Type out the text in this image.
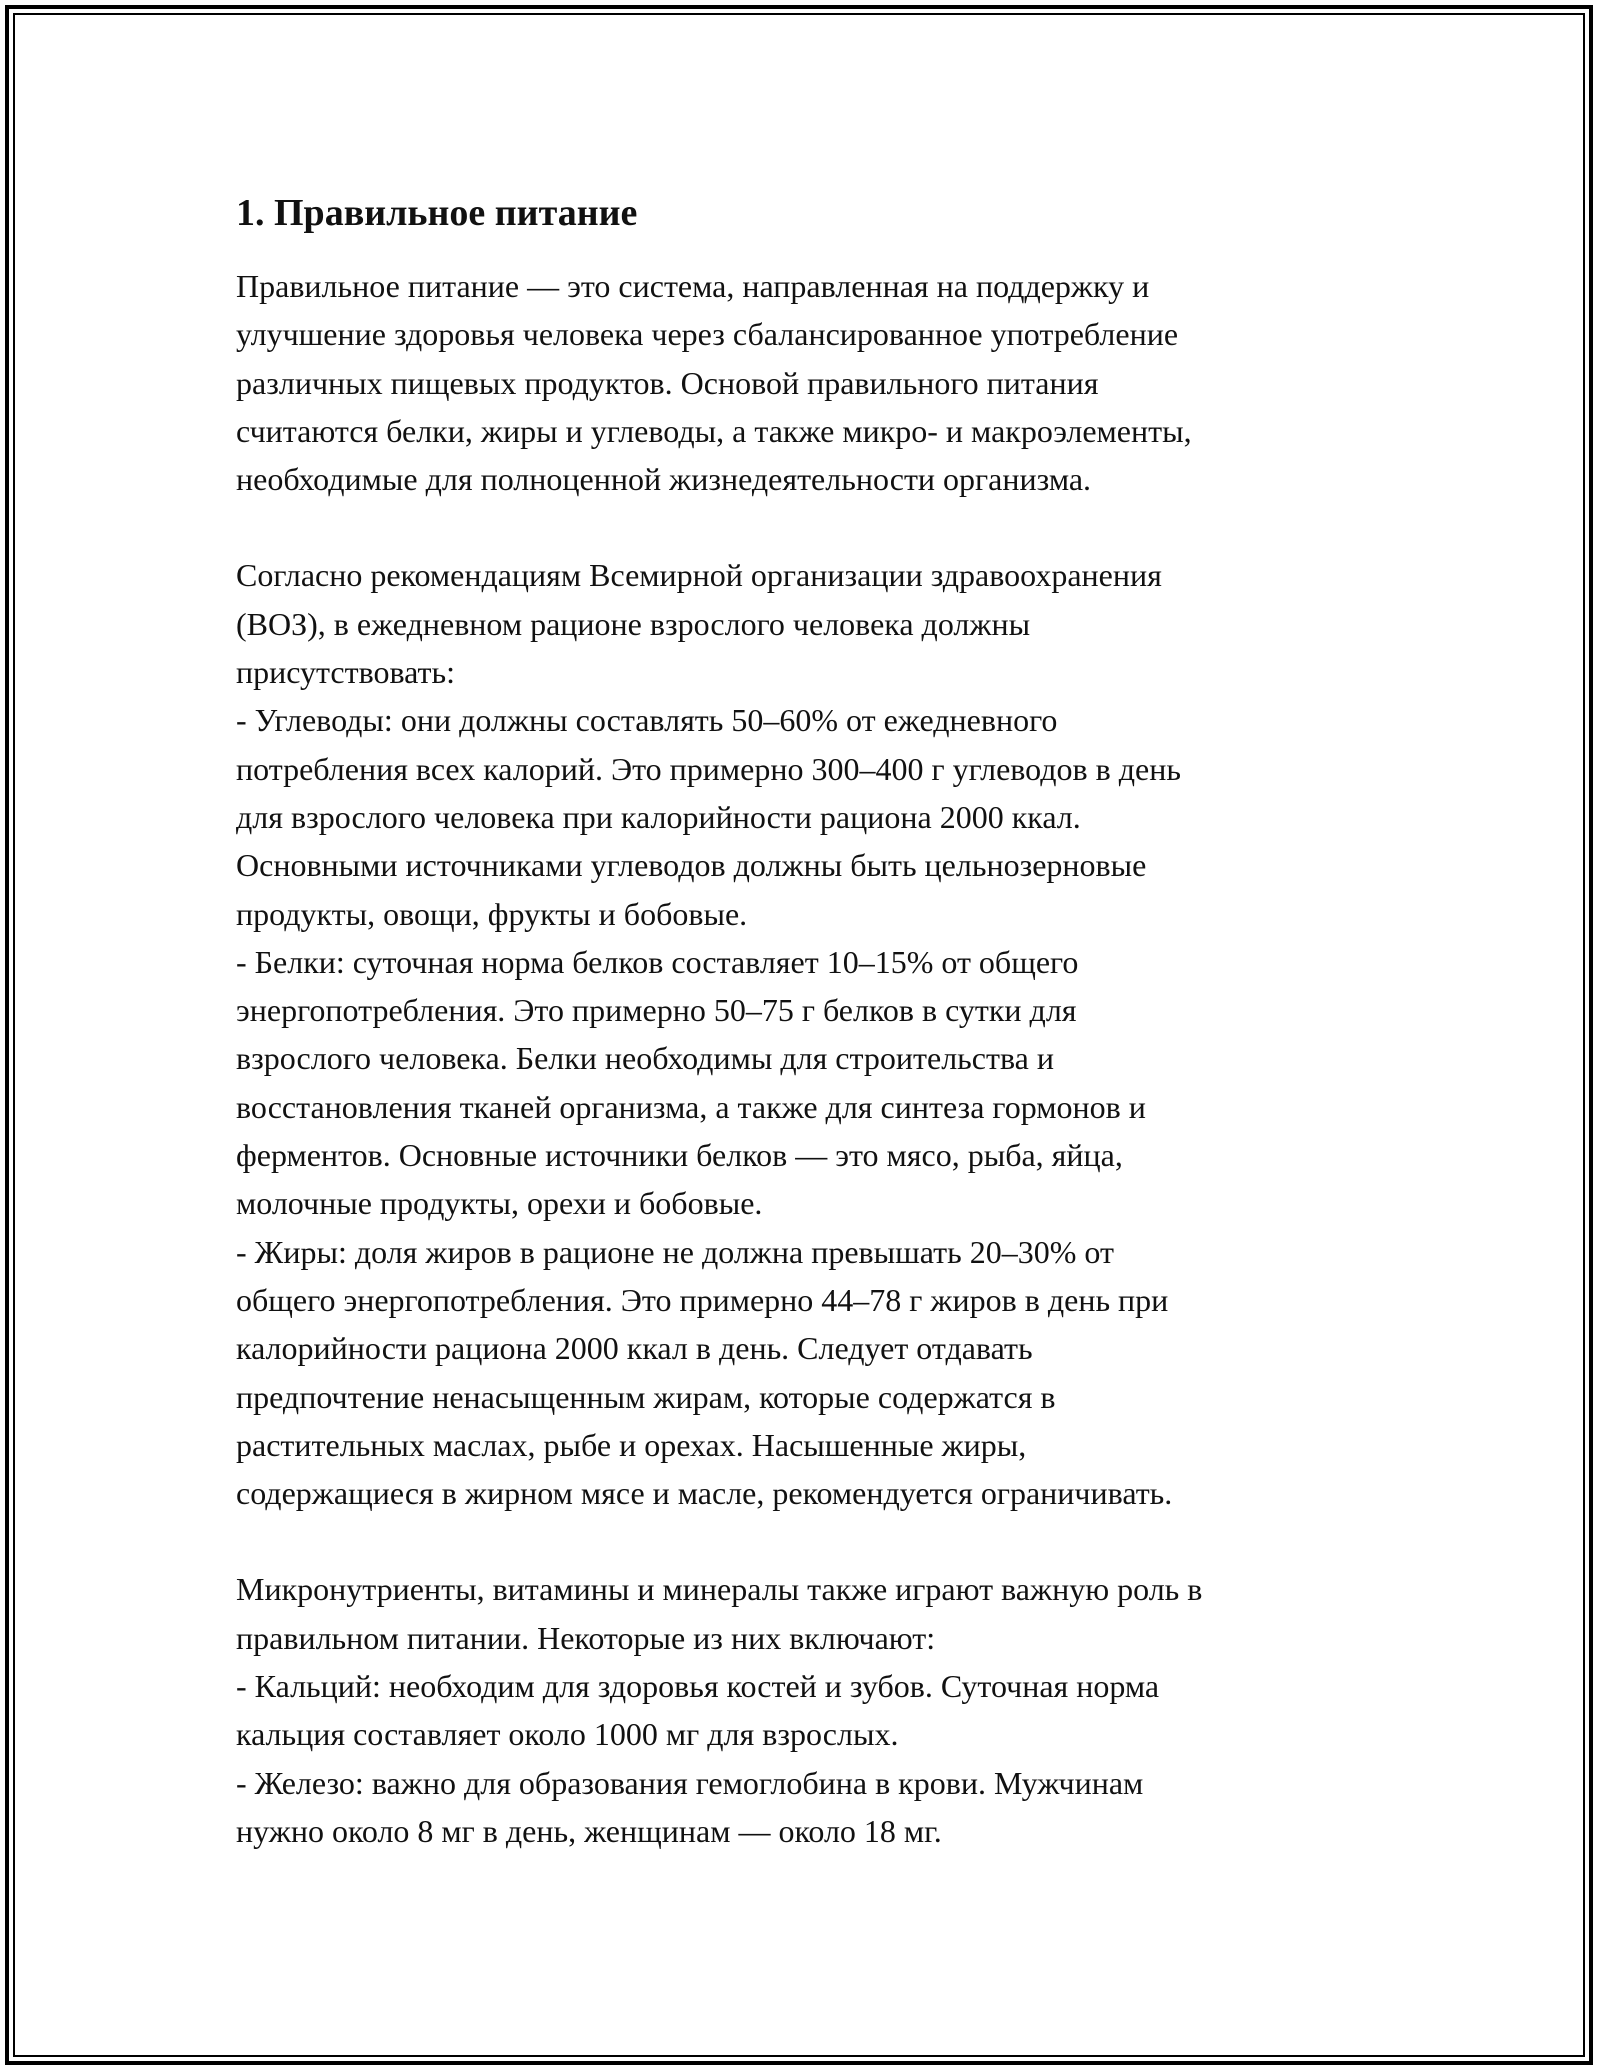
1. Правильное питание
Правильное питание — это система, направленная на поддержку и
улучшение здоровья человека через сбалансированное употребление
различных пищевых продуктов. Основой правильного питания
считаются белки, жиры и углеводы, а также микро- и макроэлементы,
необходимые для полноценной жизнедеятельности организма.
Согласно рекомендациям Всемирной организации здравоохранения
(ВОЗ), в ежедневном рационе взрослого человека должны
присутствовать:
- Углеводы: они должны составлять 50–60% от ежедневного
потребления всех калорий. Это примерно 300–400 г углеводов в день
для взрослого человека при калорийности рациона 2000 ккал.
Основными источниками углеводов должны быть цельнозерновые
продукты, овощи, фрукты и бобовые.
- Белки: суточная норма белков составляет 10–15% от общего
энергопотребления. Это примерно 50–75 г белков в сутки для
взрослого человека. Белки необходимы для строительства и
восстановления тканей организма, а также для синтеза гормонов и
ферментов. Основные источники белков — это мясо, рыба, яйца,
молочные продукты, орехи и бобовые.
- Жиры: доля жиров в рационе не должна превышать 20–30% от
общего энергопотребления. Это примерно 44–78 г жиров в день при
калорийности рациона 2000 ккал в день. Следует отдавать
предпочтение ненасыщенным жирам, которые содержатся в
растительных маслах, рыбе и орехах. Насышенные жиры,
содержащиеся в жирном мясе и масле, рекомендуется ограничивать.
Микронутриенты, витамины и минералы также играют важную роль в
правильном питании. Некоторые из них включают:
- Кальций: необходим для здоровья костей и зубов. Суточная норма
кальция составляет около 1000 мг для взрослых.
- Железо: важно для образования гемоглобина в крови. Мужчинам
нужно около 8 мг в день, женщинам — около 18 мг.
